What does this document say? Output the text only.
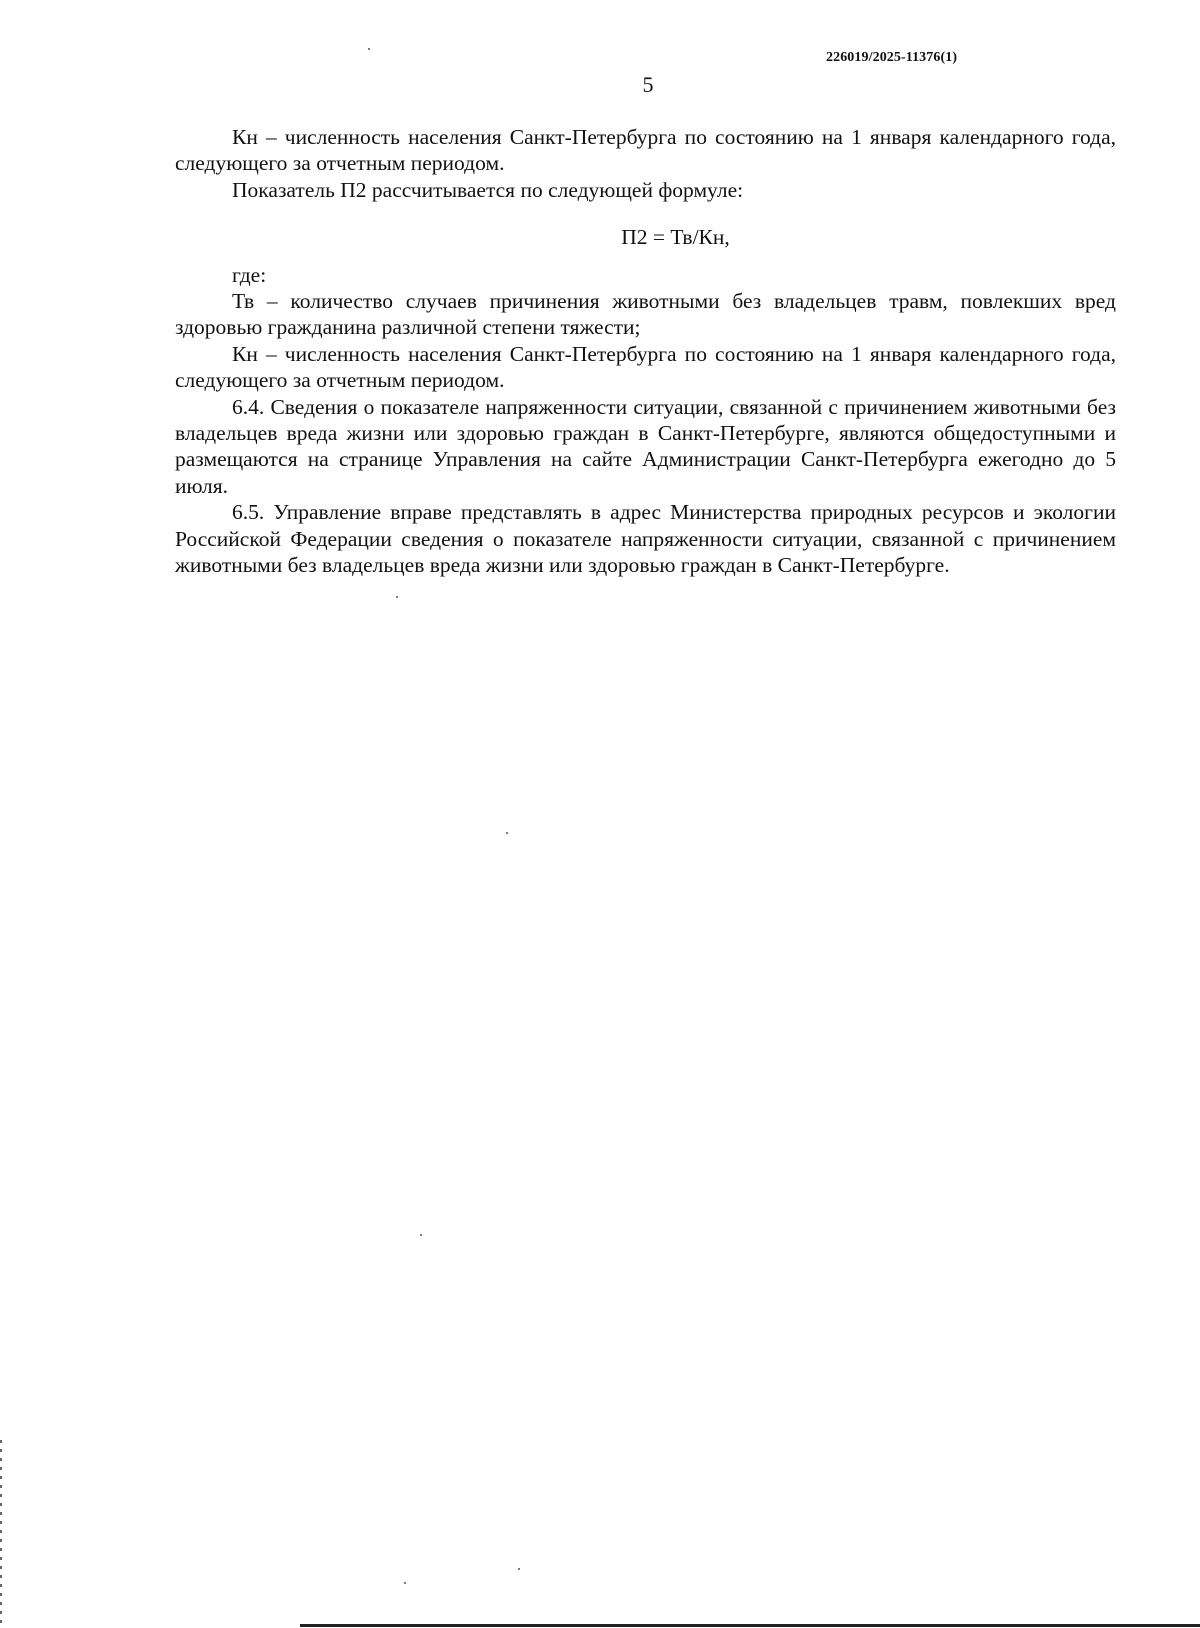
226019/2025-11376(1)
5

Кн – численность населения Санкт-Петербурга по состоянию на 1 января календарного года, следующего за отчетным периодом.

Показатель П2 рассчитывается по следующей формуле:

П2 = Тв/Кн,

где:

Тв – количество случаев причинения животными без владельцев травм, повлекших вред здоровью гражданина различной степени тяжести;

Кн – численность населения Санкт-Петербурга по состоянию на 1 января календарного года, следующего за отчетным периодом.

6.4. Сведения о показателе напряженности ситуации, связанной с причинением животными без владельцев вреда жизни или здоровью граждан в Санкт-Петербурге, являются общедоступными и размещаются на странице Управления на сайте Администрации Санкт-Петербурга ежегодно до 5 июля.

6.5. Управление вправе представлять в адрес Министерства природных ресурсов и экологии Российской Федерации сведения о показателе напряженности ситуации, связанной с причинением животными без владельцев вреда жизни или здоровью граждан в Санкт-Петербурге.
